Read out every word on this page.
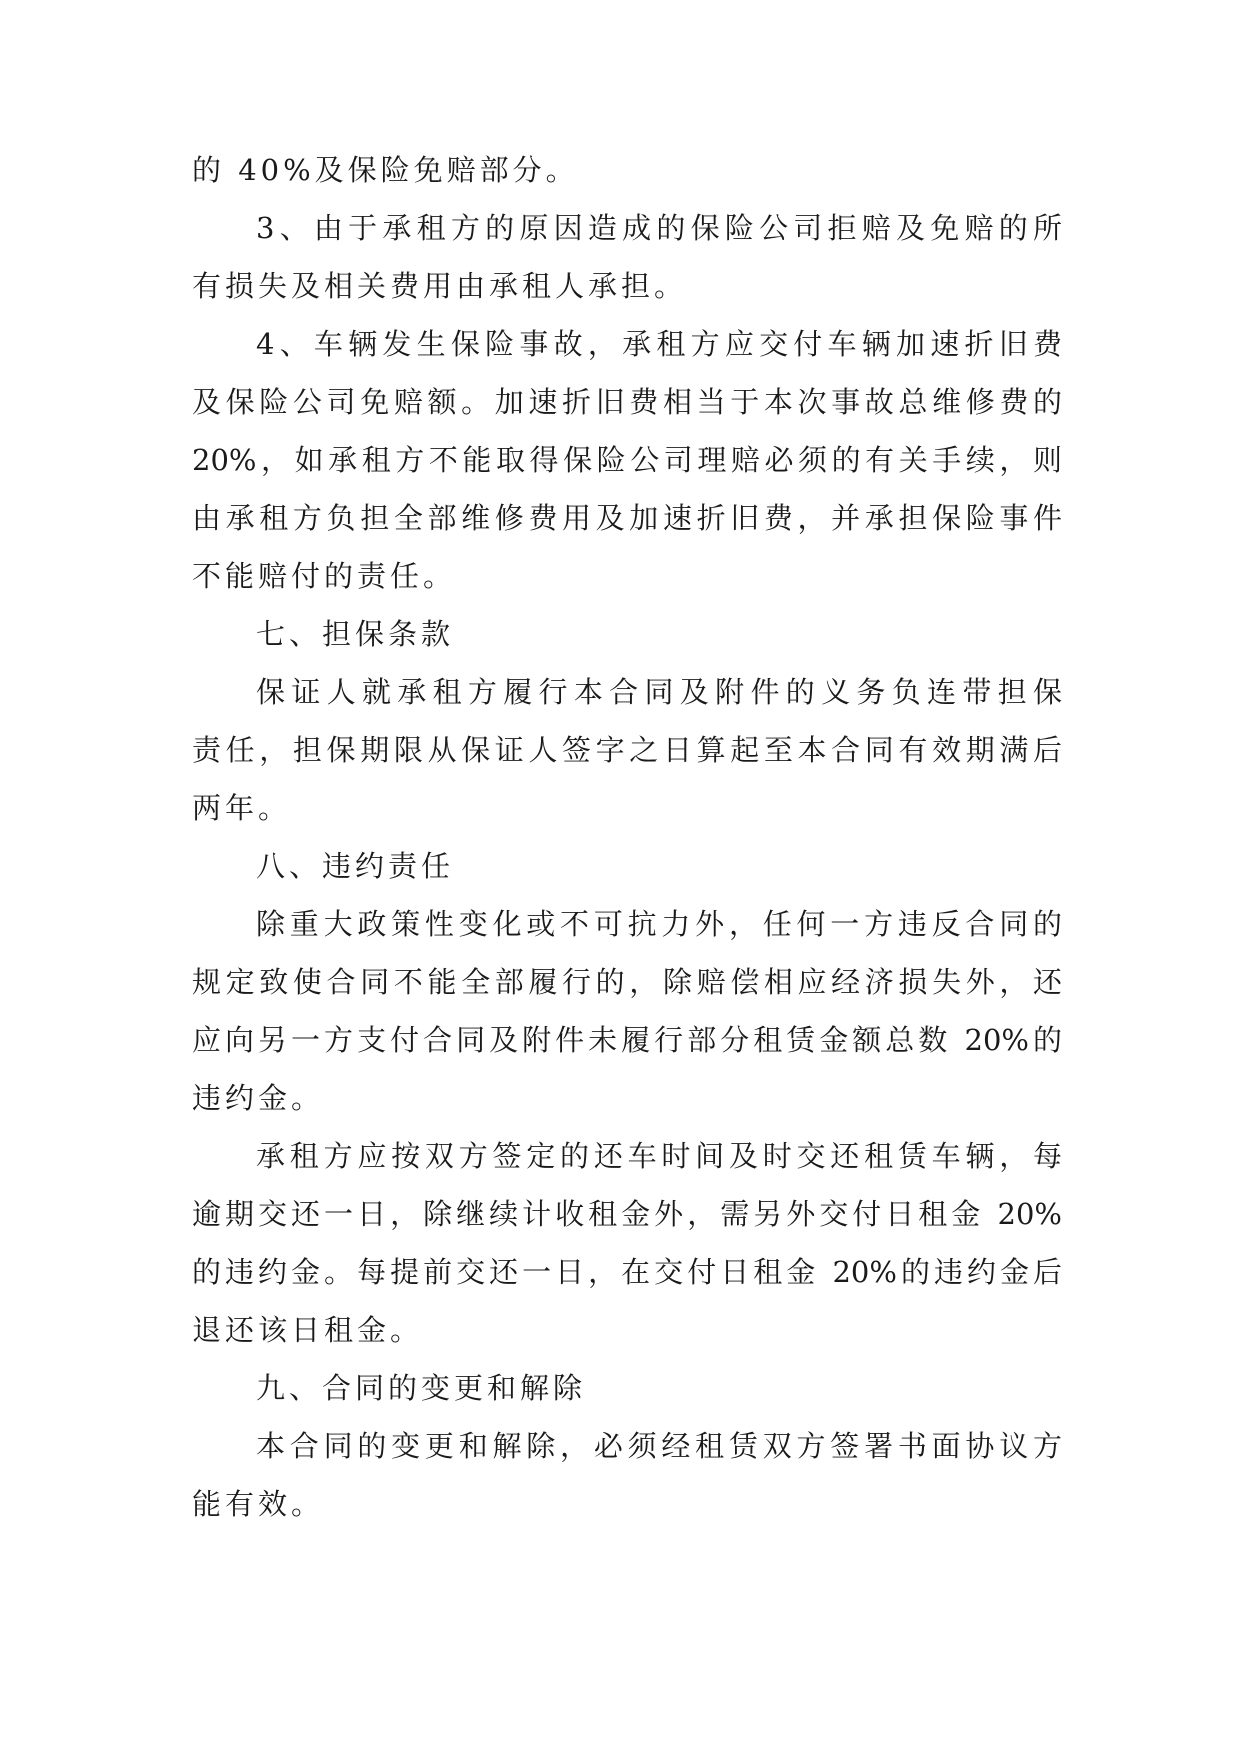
的 40%及保险免赔部分。
3、由于承租方的原因造成的保险公司拒赔及免赔的所
有损失及相关费用由承租人承担。
4、车辆发生保险事故，承租方应交付车辆加速折旧费
及保险公司免赔额。加速折旧费相当于本次事故总维修费的
20%，如承租方不能取得保险公司理赔必须的有关手续，则
由承租方负担全部维修费用及加速折旧费，并承担保险事件
不能赔付的责任。
七、担保条款
保证人就承租方履行本合同及附件的义务负连带担保
责任，担保期限从保证人签字之日算起至本合同有效期满后
两年。
八、违约责任
除重大政策性变化或不可抗力外，任何一方违反合同的
规定致使合同不能全部履行的，除赔偿相应经济损失外，还
应向另一方支付合同及附件未履行部分租赁金额总数 20%的
违约金。
承租方应按双方签定的还车时间及时交还租赁车辆，每
逾期交还一日，除继续计收租金外，需另外交付日租金 20%
的违约金。每提前交还一日，在交付日租金 20%的违约金后
退还该日租金。
九、合同的变更和解除
本合同的变更和解除，必须经租赁双方签署书面协议方
能有效。
